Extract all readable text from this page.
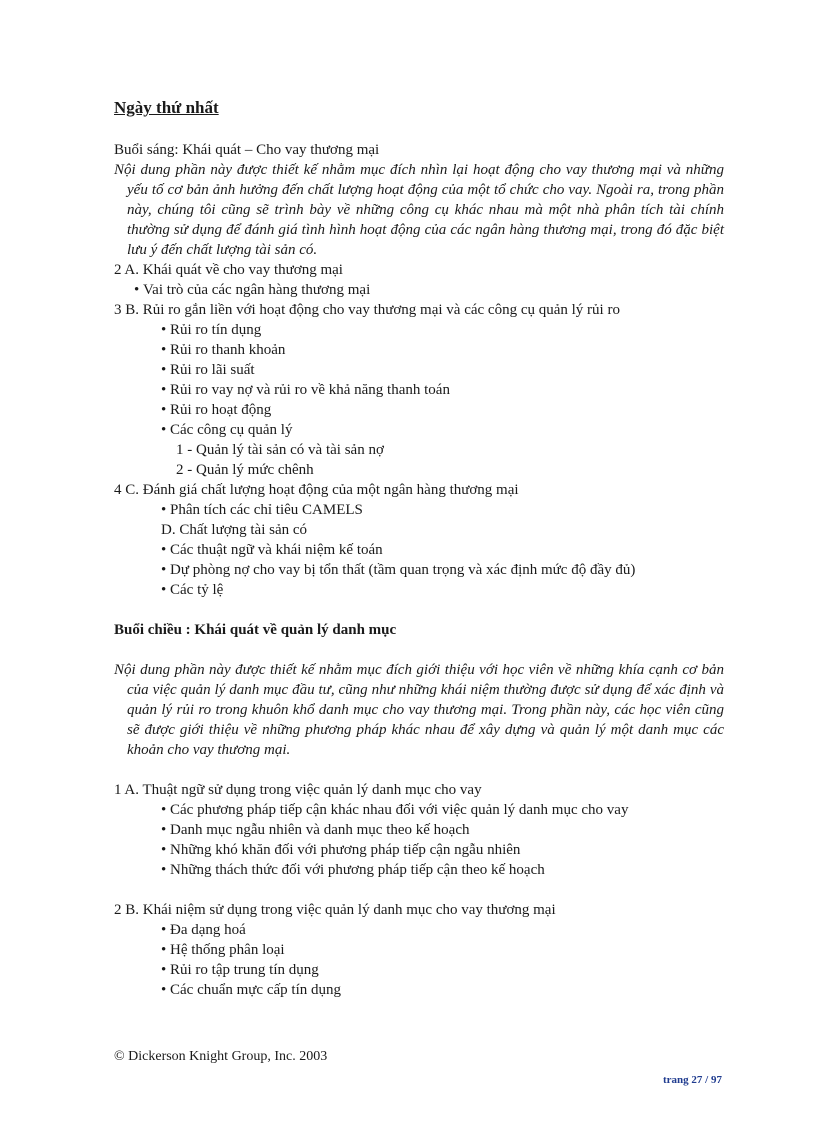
Ngày thứ nhất
Buổi sáng: Khái quát – Cho vay thương mại

Nội dung phần này được thiết kế nhằm mục đích nhìn lại hoạt động cho vay thương mại và những yếu tố cơ bản ảnh hưởng đến chất lượng hoạt động của một tổ chức cho vay. Ngoài ra, trong phần này, chúng tôi cũng sẽ trình bày về những công cụ khác nhau mà một nhà phân tích tài chính thường sử dụng để đánh giá tình hình hoạt động của các ngân hàng thương mại, trong đó đặc biệt lưu ý đến chất lượng tài sản có.

2 A. Khái quát về cho vay thương mại
• Vai trò của các ngân hàng thương mại
3 B. Rủi ro gắn liền với hoạt động cho vay thương mại và các công cụ quản lý rủi ro
• Rủi ro tín dụng
• Rủi ro thanh khoản
• Rủi ro lãi suất
• Rủi ro vay nợ và rủi ro về khả năng thanh toán
• Rủi ro hoạt động
• Các công cụ quản lý
1 - Quản lý tài sản có và tài sản nợ
2 - Quản lý mức chênh
4 C. Đánh giá chất lượng hoạt động của một ngân hàng thương mại
• Phân tích các chỉ tiêu CAMELS
D. Chất lượng tài sản có
• Các thuật ngữ và khái niệm kế toán
• Dự phòng nợ cho vay bị tổn thất (tầm quan trọng và xác định mức độ đầy đủ)
• Các tỷ lệ
Buổi chiều : Khái quát về quản lý danh mục

Nội dung phần này được thiết kế nhằm mục đích giới thiệu với học viên về những khía cạnh cơ bản của việc quản lý danh mục đầu tư, cũng như những khái niệm thường được sử dụng để xác định và quản lý rủi ro trong khuôn khổ danh mục cho vay thương mại. Trong phần này, các học viên cũng sẽ được giới thiệu về những phương pháp khác nhau để xây dựng và quản lý một danh mục các khoản cho vay thương mại.

1 A. Thuật ngữ sử dụng trong việc quản lý danh mục cho vay
• Các phương pháp tiếp cận khác nhau đối với việc quản lý danh mục cho vay
• Danh mục ngẫu nhiên và danh mục theo kế hoạch
• Những khó khăn đối với phương pháp tiếp cận ngẫu nhiên
• Những thách thức đối với phương pháp tiếp cận theo kế hoạch
2 B. Khái niệm sử dụng trong việc quản lý danh mục cho vay thương mại
• Đa dạng hoá
• Hệ thống phân loại
• Rủi ro tập trung tín dụng
• Các chuẩn mực cấp tín dụng
© Dickerson Knight Group, Inc. 2003
trang 27 / 97
